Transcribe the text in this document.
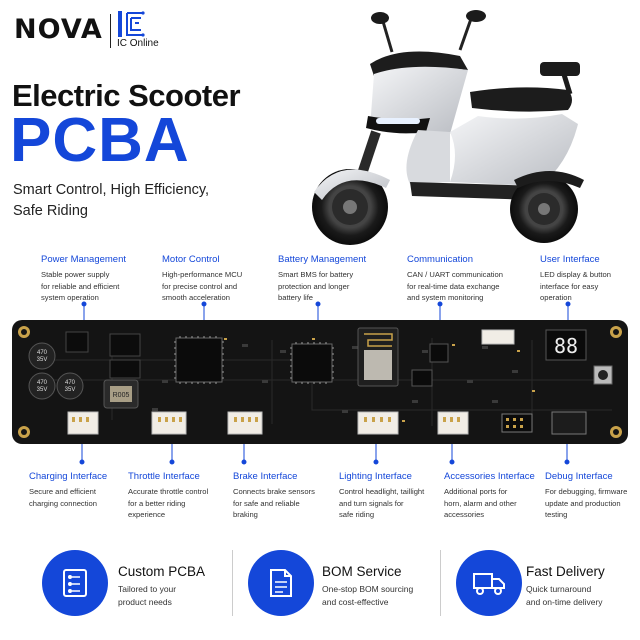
NOVA IC Online
Electric Scooter
PCBA
Smart Control, High Efficiency,
Safe Riding
Power Management
Stable power supply
for reliable and efficient
system operation
Motor Control
High-performance MCU
for precise control and
smooth acceleration
Battery Management
Smart BMS for battery
protection and longer
battery life
Communication
CAN / UART communication
for real-time data exchange
and system monitoring
User Interface
LED display & button
interface for easy
operation
470
35V
470
35V
470
35V
R005
88
Charging Interface
Secure and efficient
charging connection
Throttle Interface
Accurate throttle control
for a better riding
experience
Brake Interface
Connects brake sensors
for safe and reliable
braking
Lighting Interface
Control headlight, taillight
and turn signals for
safe riding
Accessories Interface
Additional ports for
horn, alarm and other
accessories
Debug Interface
For debugging, firmware
update and production
testing
Custom PCBA
Tailored to your
product needs
BOM Service
One-stop BOM sourcing
and cost-effective
Fast Delivery
Quick turnaround
and on-time delivery
